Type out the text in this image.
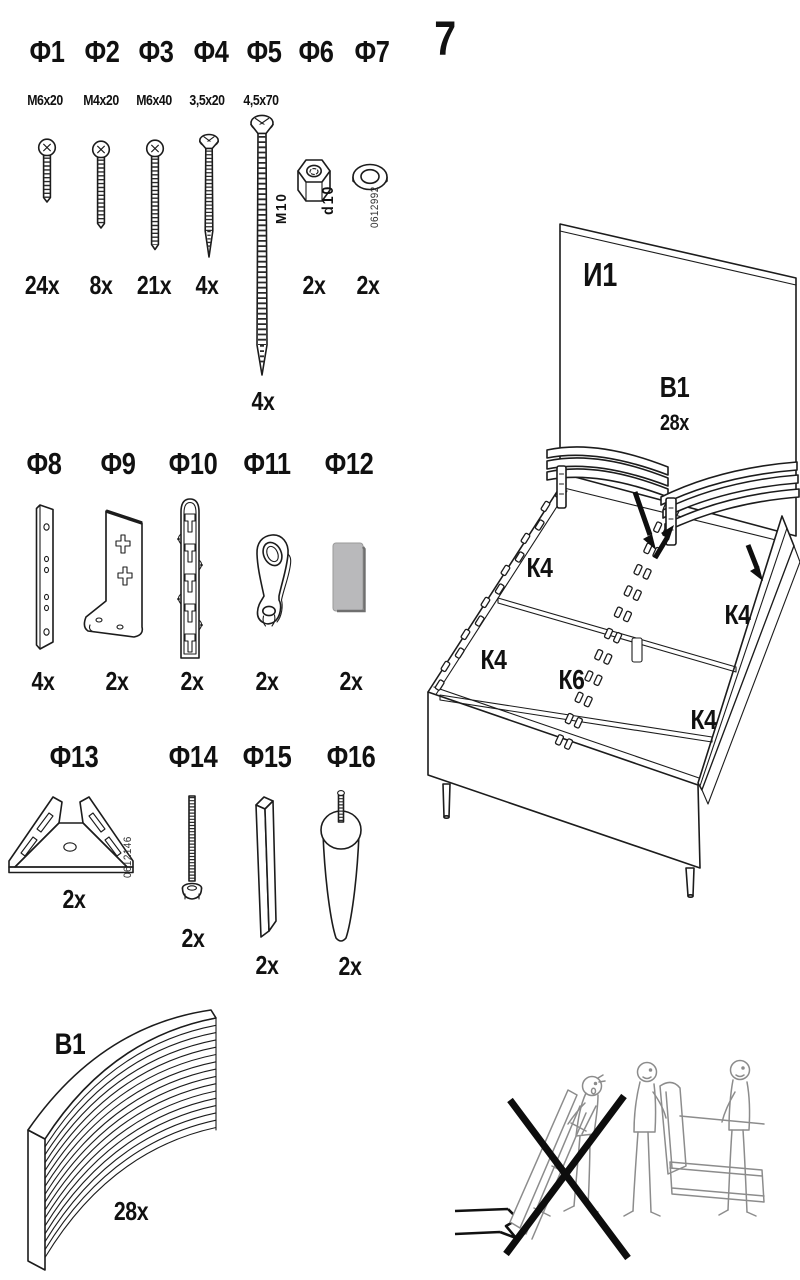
7
Ф1 Ф2 Ф3 Ф4 Ф5 Ф6 Ф7
M6x20	M4x20	M6x40	3,5x20	4,5x70
M10 d10	0612992
24x	8x 21x 4x	2x	2x
4x
Ф8 Ф9 Ф10 Ф11 Ф12
4x	2x	2x	2x	2x
Ф13 Ф14 Ф15 Ф16
0612146
2x
2x
2x	2x
В1
28x
И1
В1
28x
К4
К4
К4
К6
К4
